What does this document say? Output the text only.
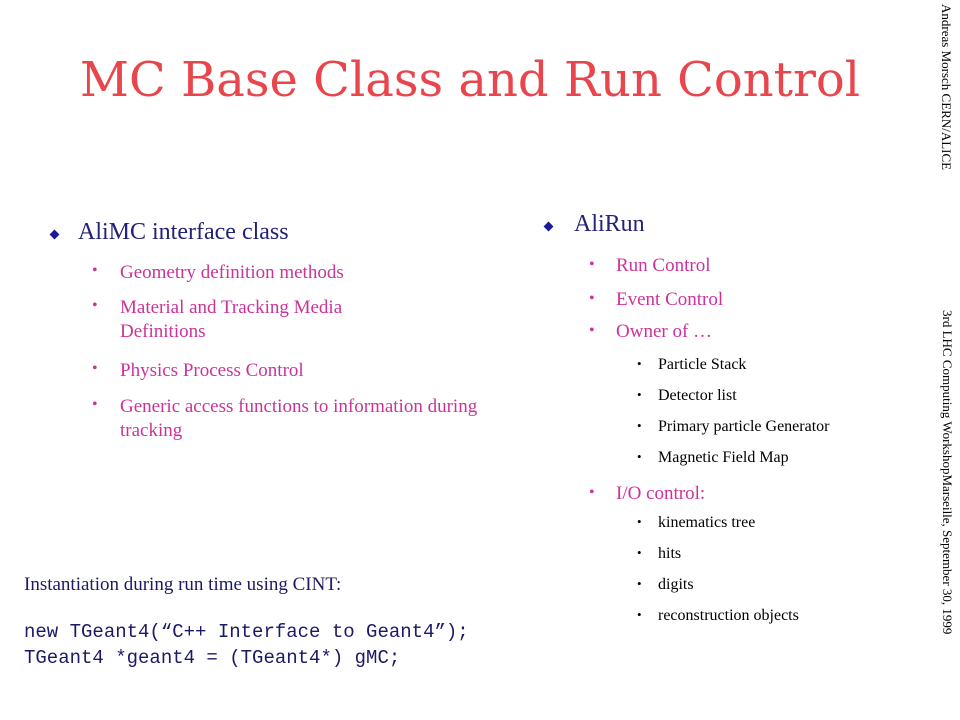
MC Base Class and Run Control	Andreas Morsch CERN/ALICE
3rd LHC Computing WorkshopMarseille, September 30, 1999
AliMC interface class
• Geometry definition methods
• Material and Tracking Media Definitions
• Physics Process Control
• Generic access functions to information during tracking
AliRun
• Run Control
• Event Control
• Owner of …
• Particle Stack
• Detector list
• Primary particle Generator
• Magnetic Field Map
• I/O control:
• kinematics tree
• hits
• digits
• reconstruction objects
Instantiation during run time using CINT:
new TGeant4(“C++ Interface to Geant4”);
TGeant4 *geant4 = (TGeant4*) gMC;
